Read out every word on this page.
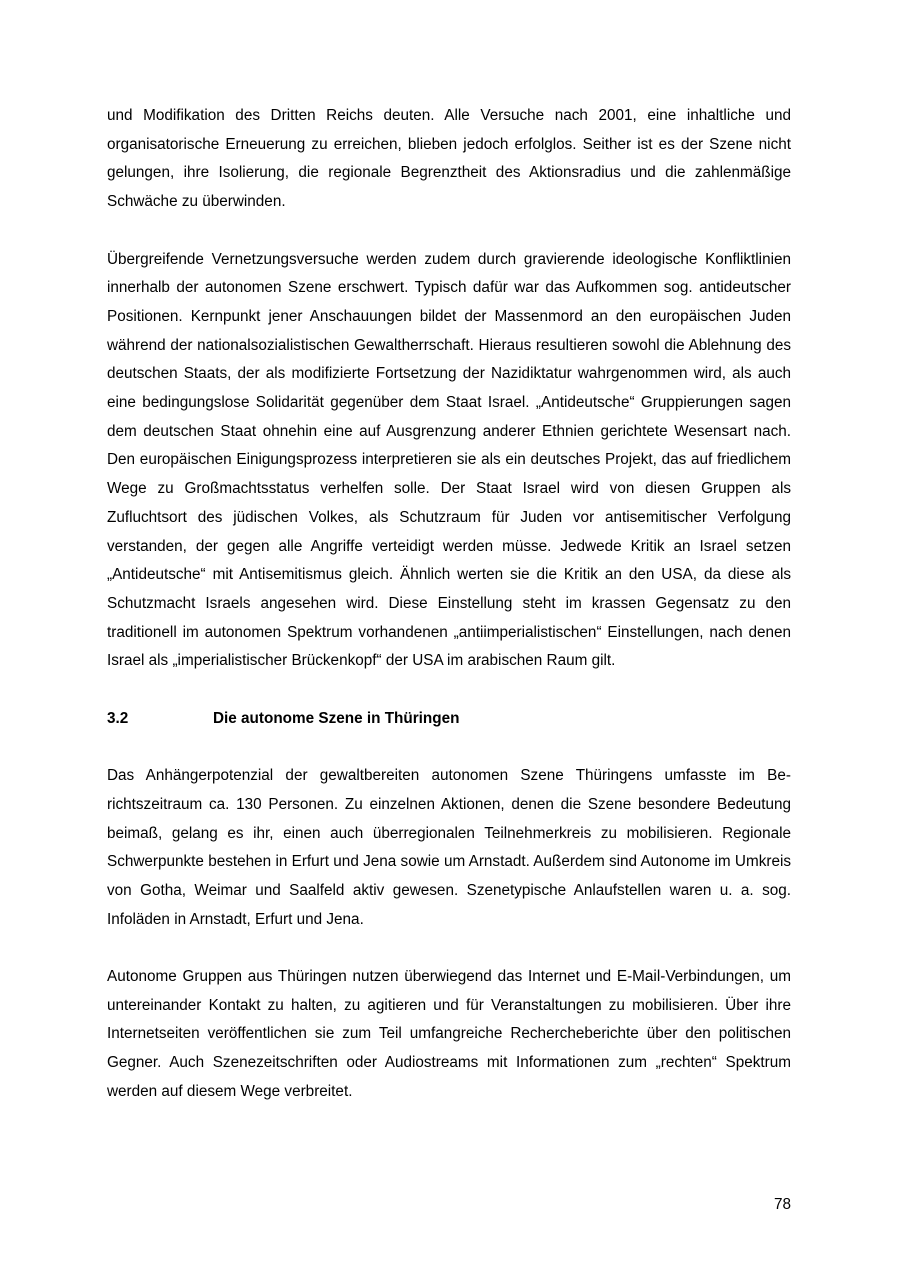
und Modifikation des Dritten Reichs deuten. Alle Versuche nach 2001, eine inhaltliche und organisatorische Erneuerung zu erreichen, blieben jedoch erfolglos. Seither ist es der Szene nicht gelungen, ihre Isolierung, die regionale Begrenztheit des Aktionsradius und die zahlenmäßige Schwäche zu überwinden.

Übergreifende Vernetzungsversuche werden zudem durch gravierende ideologische Konfliktlinien innerhalb der autonomen Szene erschwert. Typisch dafür war das Aufkommen sog. antideutscher Positionen. Kernpunkt jener Anschauungen bildet der Massenmord an den europäischen Juden während der nationalsozialistischen Gewaltherrschaft. Hieraus resultieren sowohl die Ablehnung des deutschen Staats, der als modifizierte Fortsetzung der Nazidiktatur wahrgenommen wird, als auch eine bedingungslose Solidarität gegenüber dem Staat Israel. „Antideutsche“ Gruppierungen sagen dem deutschen Staat ohnehin eine auf Ausgrenzung anderer Ethnien gerichtete Wesensart nach. Den europäischen Einigungsprozess interpretieren sie als ein deutsches Projekt, das auf friedlichem Wege zu Großmachtsstatus verhelfen solle. Der Staat Israel wird von diesen Gruppen als Zufluchtsort des jüdischen Volkes, als Schutzraum für Juden vor antisemitischer Verfolgung verstanden, der gegen alle Angriffe verteidigt werden müsse. Jedwede Kritik an Israel setzen „Antideutsche“ mit Antisemitismus gleich. Ähnlich werten sie die Kritik an den USA, da diese als Schutzmacht Israels angesehen wird. Diese Einstellung steht im krassen Gegensatz zu den traditionell im autonomen Spektrum vorhandenen „antiimperialistischen“ Einstellungen, nach denen Israel als „imperialistischer Brückenkopf“ der USA im arabischen Raum gilt.

3.2	Die autonome Szene in Thüringen

Das Anhängerpotenzial der gewaltbereiten autonomen Szene Thüringens umfasste im Berichtszeitraum ca. 130 Personen. Zu einzelnen Aktionen, denen die Szene besondere Bedeutung beimaß, gelang es ihr, einen auch überregionalen Teilnehmerkreis zu mobilisieren. Regionale Schwerpunkte bestehen in Erfurt und Jena sowie um Arnstadt. Außerdem sind Autonome im Umkreis von Gotha, Weimar und Saalfeld aktiv gewesen. Szenetypische Anlaufstellen waren u. a. sog. Infoläden in Arnstadt, Erfurt und Jena.

Autonome Gruppen aus Thüringen nutzen überwiegend das Internet und E-Mail-Verbindungen, um untereinander Kontakt zu halten, zu agitieren und für Veranstaltungen zu mobilisieren. Über ihre Internetseiten veröffentlichen sie zum Teil umfangreiche Rechercheberichte über den politischen Gegner. Auch Szenezeitschriften oder Audiostreams mit Informationen zum „rechten“ Spektrum werden auf diesem Wege verbreitet.

78
